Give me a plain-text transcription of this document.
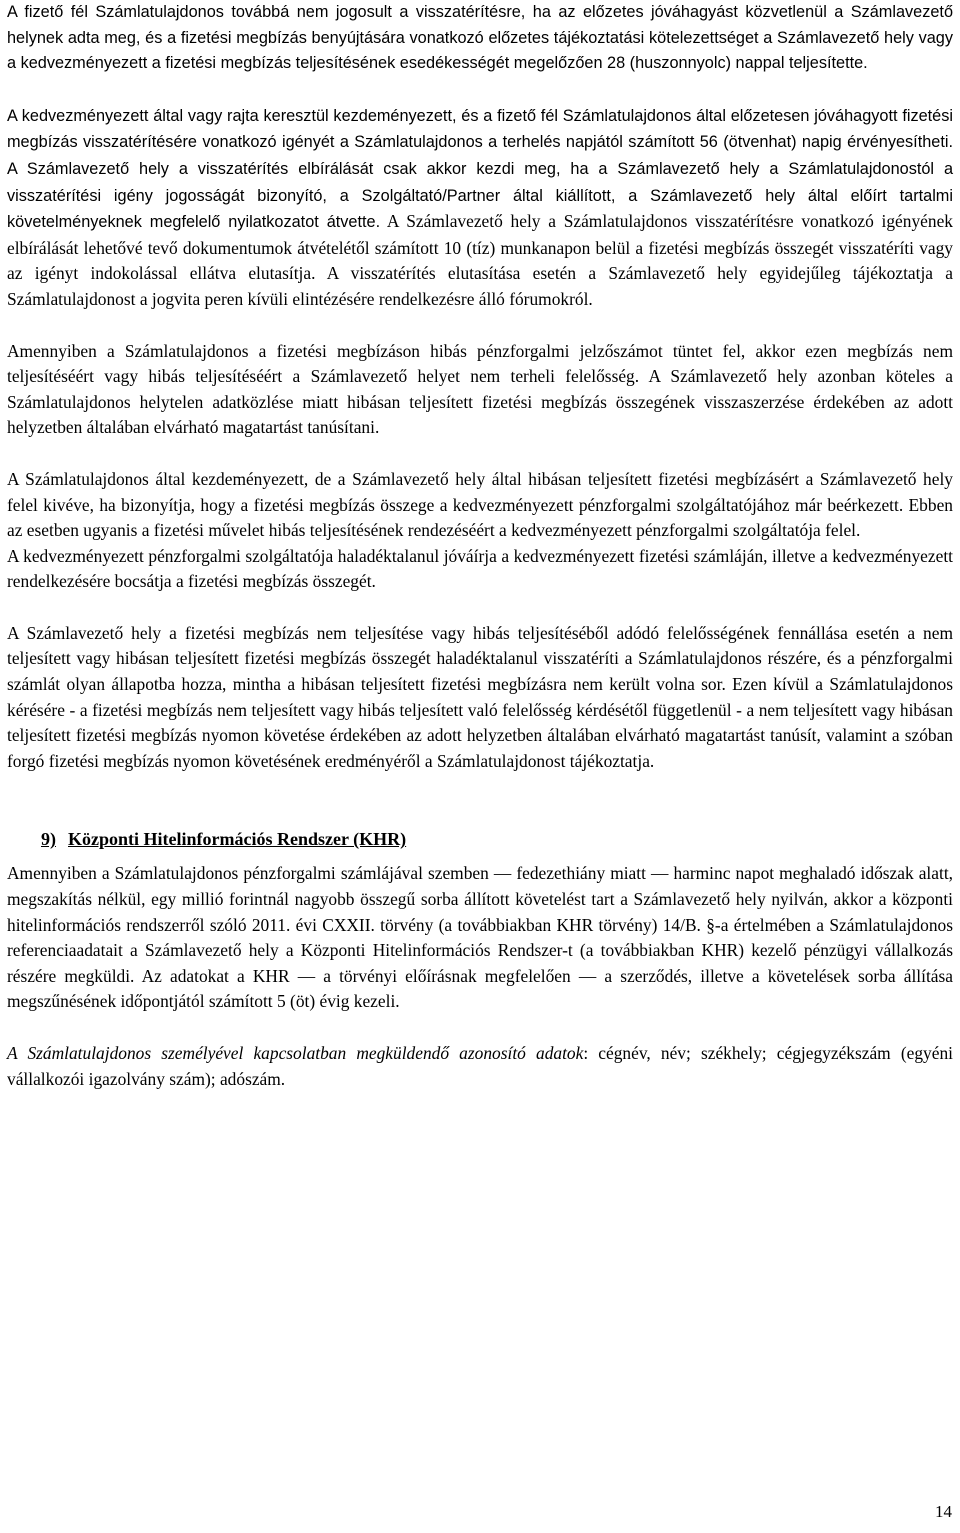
A fizető fél Számlatulajdonos továbbá nem jogosult a visszatérítésre, ha az előzetes jóváhagyást közvetlenül a Számlavezető helynek adta meg, és a fizetési megbízás benyújtására vonatkozó előzetes tájékoztatási kötelezettséget a Számlavezető hely vagy a kedvezményezett a fizetési megbízás teljesítésének esedékességét megelőzően 28 (huszonnyolc) nappal teljesítette.

A kedvezményezett által vagy rajta keresztül kezdeményezett, és a fizető fél Számlatulajdonos által előzetesen jóváhagyott fizetési megbízás visszatérítésére vonatkozó igényét a Számlatulajdonos a terhelés napjától számított 56 (ötvenhat) napig érvényesítheti. A Számlavezető hely a visszatérítés elbírálását csak akkor kezdi meg, ha a Számlavezető hely a Számlatulajdonostól a visszatérítési igény jogosságát bizonyító, a Szolgáltató/Partner által kiállított, a Számlavezető hely által előírt tartalmi követelményeknek megfelelő nyilatkozatot átvette. A Számlavezető hely a Számlatulajdonos visszatérítésre vonatkozó igényének elbírálását lehetővé tevő dokumentumok átvételétől számított 10 (tíz) munkanapon belül a fizetési megbízás összegét visszatéríti vagy az igényt indokolással ellátva elutasítja. A visszatérítés elutasítása esetén a Számlavezető hely egyidejűleg tájékoztatja a Számlatulajdonost a jogvita peren kívüli elintézésére rendelkezésre álló fórumokról.

Amennyiben a Számlatulajdonos a fizetési megbízáson hibás pénzforgalmi jelzőszámot tüntet fel, akkor ezen megbízás nem teljesítéséért vagy hibás teljesítéséért a Számlavezető helyet nem terheli felelősség. A Számlavezető hely azonban köteles a Számlatulajdonos helytelen adatközlése miatt hibásan teljesített fizetési megbízás összegének visszaszerzése érdekében az adott helyzetben általában elvárható magatartást tanúsítani.

A Számlatulajdonos által kezdeményezett, de a Számlavezető hely által hibásan teljesített fizetési megbízásért a Számlavezető hely felel kivéve, ha bizonyítja, hogy a fizetési megbízás összege a kedvezményezett pénzforgalmi szolgáltatójához már beérkezett. Ebben az esetben ugyanis a fizetési művelet hibás teljesítésének rendezéséért a kedvezményezett pénzforgalmi szolgáltatója felel.

A kedvezményezett pénzforgalmi szolgáltatója haladéktalanul jóváírja a kedvezményezett fizetési számláján, illetve a kedvezményezett rendelkezésére bocsátja a fizetési megbízás összegét.

A Számlavezető hely a fizetési megbízás nem teljesítése vagy hibás teljesítéséből adódó felelősségének fennállása esetén a nem teljesített vagy hibásan teljesített fizetési megbízás összegét haladéktalanul visszatéríti a Számlatulajdonos részére, és a pénzforgalmi számlát olyan állapotba hozza, mintha a hibásan teljesített fizetési megbízásra nem került volna sor. Ezen kívül a Számlatulajdonos kérésére - a fizetési megbízás nem teljesített vagy hibás teljesített való felelősség kérdésétől függetlenül - a nem teljesített vagy hibásan teljesített fizetési megbízás nyomon követése érdekében az adott helyzetben általában elvárható magatartást tanúsít, valamint a szóban forgó fizetési megbízás nyomon követésének eredményéről a Számlatulajdonost tájékoztatja.

9) Központi Hitelinformációs Rendszer (KHR)

Amennyiben a Számlatulajdonos pénzforgalmi számlájával szemben — fedezethiány miatt — harminc napot meghaladó időszak alatt, megszakítás nélkül, egy millió forintnál nagyobb összegű sorba állított követelést tart a Számlavezető hely nyilván, akkor a központi hitelinformációs rendszerről szóló 2011. évi CXXII. törvény (a továbbiakban KHR törvény) 14/B. §-a értelmében a Számlatulajdonos referenciaadatait a Számlavezető hely a Központi Hitelinformációs Rendszer-t (a továbbiakban KHR) kezelő pénzügyi vállalkozás részére megküldi. Az adatokat a KHR — a törvényi előírásnak megfelelően — a szerződés, illetve a követelések sorba állítása megszűnésének időpontjától számított 5 (öt) évig kezeli.

A Számlatulajdonos személyével kapcsolatban megküldendő azonosító adatok: cégnév, név; székhely; cégjegyzékszám (egyéni vállalkozói igazolvány szám); adószám.

14
